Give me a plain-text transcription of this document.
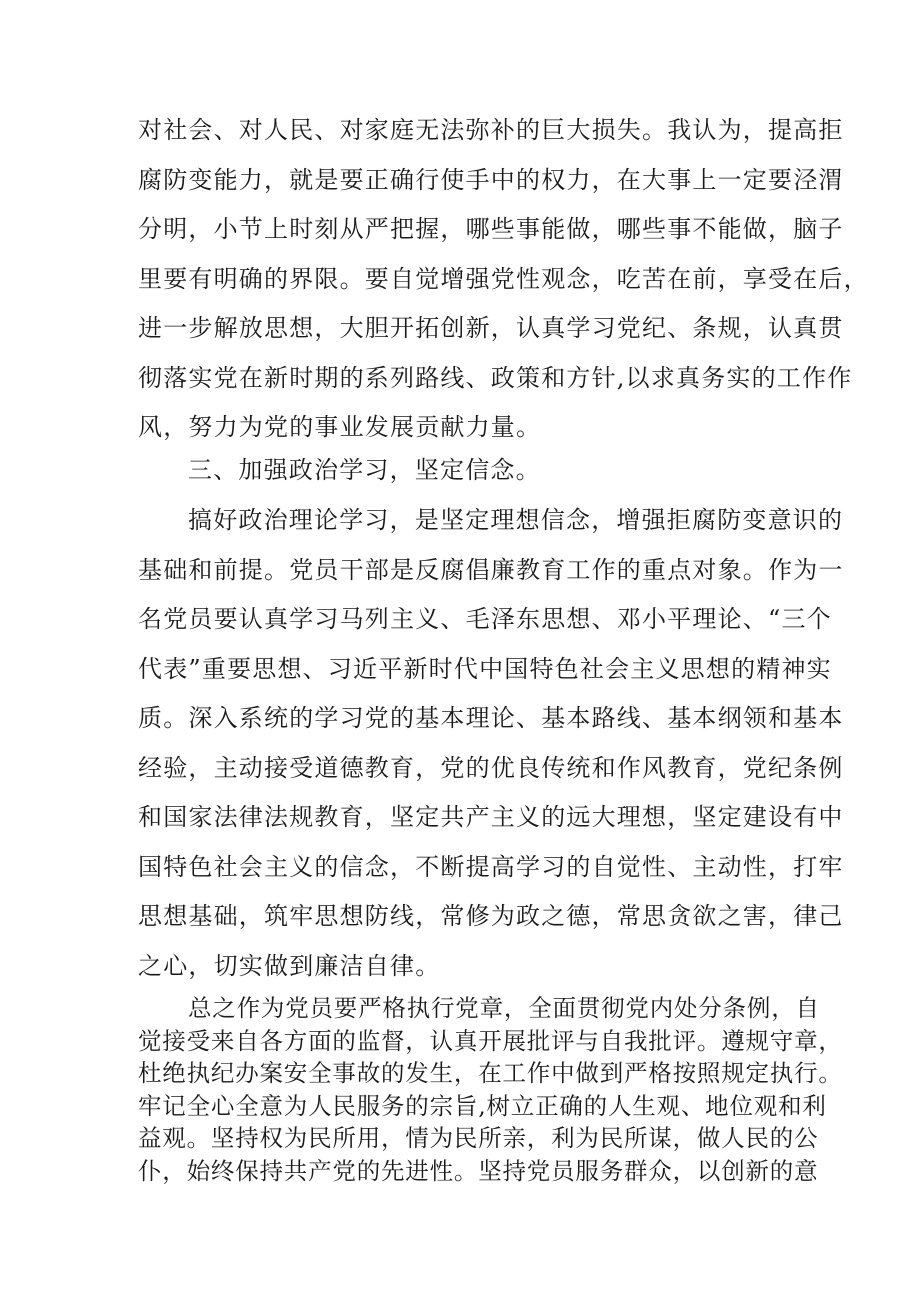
对社会、对人民、对家庭无法弥补的巨大损失。我认为，提高拒
腐防变能力，就是要正确行使手中的权力，在大事上一定要泾渭
分明，小节上时刻从严把握，哪些事能做，哪些事不能做，脑子
里要有明确的界限。要自觉增强党性观念，吃苦在前，享受在后，
进一步解放思想，大胆开拓创新，认真学习党纪、条规，认真贯
彻落实党在新时期的系列路线、政策和方针,以求真务实的工作作
风，努力为党的事业发展贡献力量。
三、加强政治学习，坚定信念。
搞好政治理论学习，是坚定理想信念，增强拒腐防变意识的
基础和前提。党员干部是反腐倡廉教育工作的重点对象。作为一
名党员要认真学习马列主义、毛泽东思想、邓小平理论、“三个
代表”重要思想、习近平新时代中国特色社会主义思想的精神实
质。深入系统的学习党的基本理论、基本路线、基本纲领和基本
经验，主动接受道德教育，党的优良传统和作风教育，党纪条例
和国家法律法规教育，坚定共产主义的远大理想，坚定建设有中
国特色社会主义的信念，不断提高学习的自觉性、主动性，打牢
思想基础，筑牢思想防线，常修为政之德，常思贪欲之害，律己
之心，切实做到廉洁自律。
总之作为党员要严格执行党章，全面贯彻党内处分条例，自
觉接受来自各方面的监督，认真开展批评与自我批评。遵规守章，
杜绝执纪办案安全事故的发生，在工作中做到严格按照规定执行。
牢记全心全意为人民服务的宗旨,树立正确的人生观、地位观和利
益观。坚持权为民所用，情为民所亲，利为民所谋，做人民的公
仆，始终保持共产党的先进性。坚持党员服务群众，以创新的意
